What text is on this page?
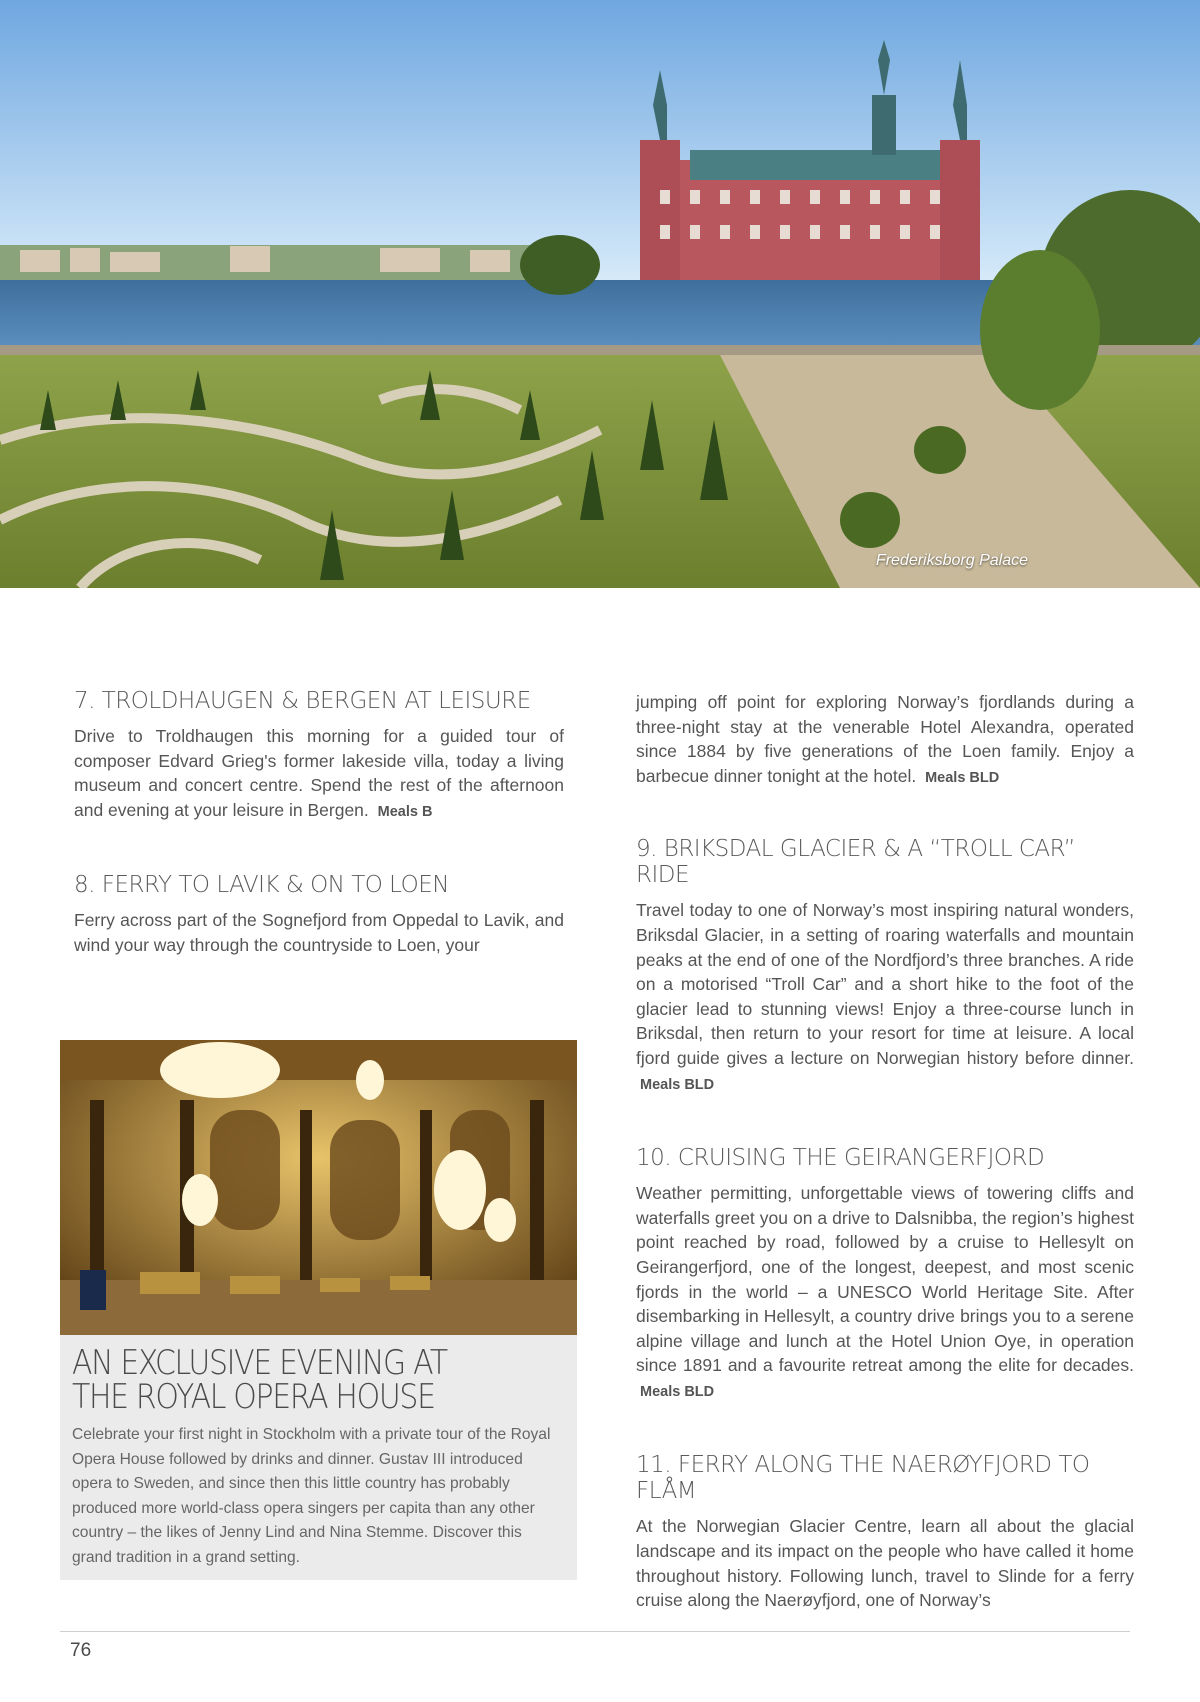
Frederiksborg Palace
7. TROLDHAUGEN & BERGEN AT LEISURE

Drive to Troldhaugen this morning for a guided tour of composer Edvard Grieg's former lakeside villa, today a living museum and concert centre. Spend the rest of the afternoon and evening at your leisure in Bergen. Meals B

8. FERRY TO LAVIK & ON TO LOEN

Ferry across part of the Sognefjord from Oppedal to Lavik, and wind your way through the countryside to Loen, your

AN EXCLUSIVE EVENING AT THE ROYAL OPERA HOUSE

Celebrate your first night in Stockholm with a private tour of the Royal Opera House followed by drinks and dinner. Gustav III introduced opera to Sweden, and since then this little country has probably produced more world-class opera singers per capita than any other country – the likes of Jenny Lind and Nina Stemme. Discover this grand tradition in a grand setting.

jumping off point for exploring Norway’s fjordlands during a three-night stay at the venerable Hotel Alexandra, operated since 1884 by five generations of the Loen family. Enjoy a barbecue dinner tonight at the hotel. Meals BLD

9. BRIKSDAL GLACIER & A “TROLL CAR” RIDE

Travel today to one of Norway’s most inspiring natural wonders, Briksdal Glacier, in a setting of roaring waterfalls and mountain peaks at the end of one of the Nordfjord’s three branches. A ride on a motorised “Troll Car” and a short hike to the foot of the glacier lead to stunning views! Enjoy a three-course lunch in Briksdal, then return to your resort for time at leisure. A local fjord guide gives a lecture on Norwegian history before dinner. Meals BLD

10. CRUISING THE GEIRANGERFJORD

Weather permitting, unforgettable views of towering cliffs and waterfalls greet you on a drive to Dalsnibba, the region’s highest point reached by road, followed by a cruise to Hellesylt on Geirangerfjord, one of the longest, deepest, and most scenic fjords in the world – a UNESCO World Heritage Site. After disembarking in Hellesylt, a country drive brings you to a serene alpine village and lunch at the Hotel Union Oye, in operation since 1891 and a favourite retreat among the elite for decades. Meals BLD

11. FERRY ALONG THE NAERØYFJORD TO FLÅM

At the Norwegian Glacier Centre, learn all about the glacial landscape and its impact on the people who have called it home throughout history. Following lunch, travel to Slinde for a ferry cruise along the Naerøyfjord, one of Norway’s

76
